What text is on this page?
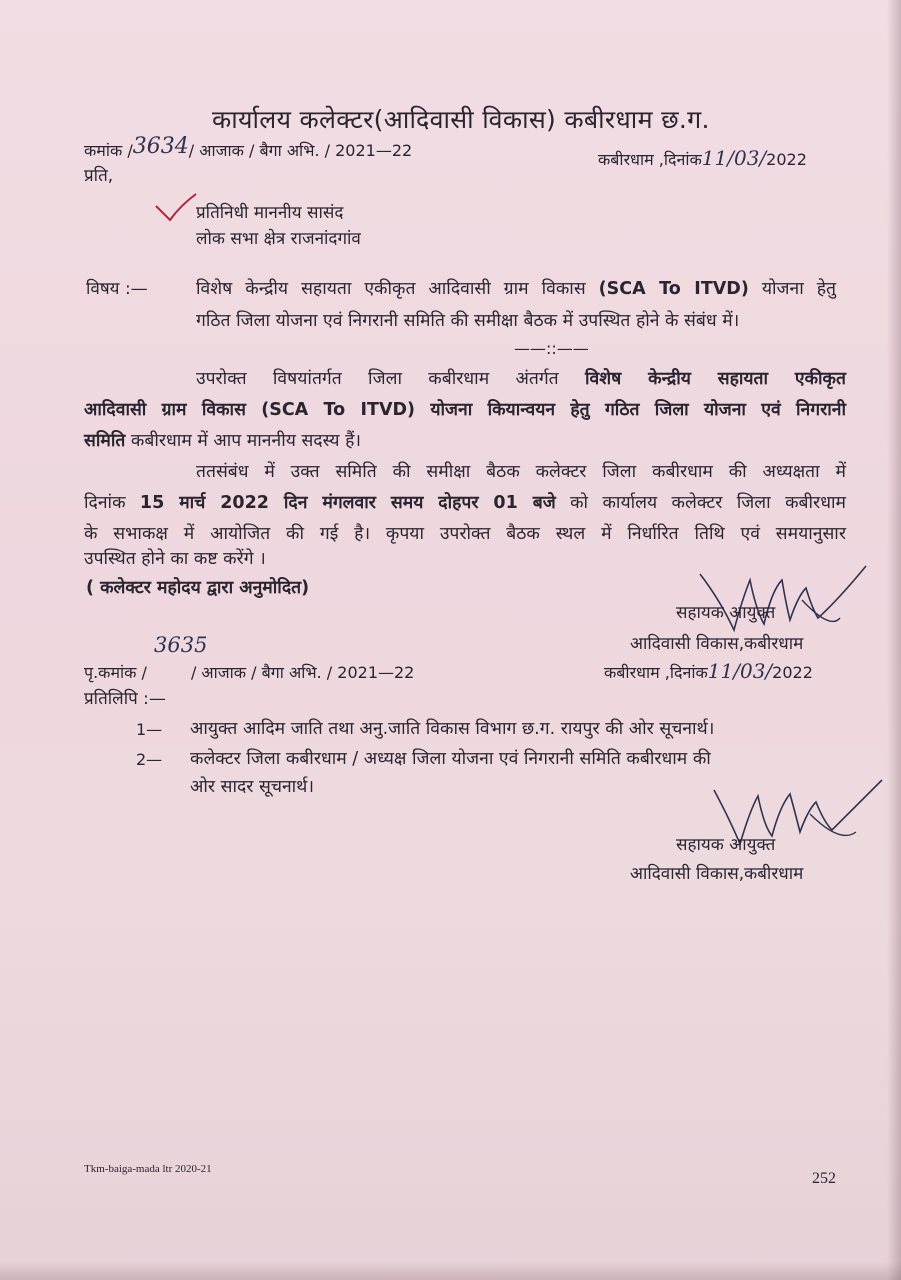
कार्यालय कलेक्टर(आदिवासी विकास) कबीरधाम छ.ग.
कमांक /3634/ आजाक / बैगा अभि. / 2021—22	कबीरधाम ,दिनांक11/03/2022
प्रति,
प्रतिनिधी माननीय सासंद
लोक सभा क्षेत्र राजनांदगांव
विषय :—	विशेष केन्द्रीय सहायता एकीकृत आदिवासी ग्राम विकास (SCA To ITVD) योजना हेतु
गठित जिला योजना एवं निगरानी समिति की समीक्षा बैठक में उपस्थित होने के संबंध में।
——::——
उपरोक्त विषयांतर्गत जिला कबीरधाम अंतर्गत विशेष केन्द्रीय सहायता एकीकृत
आदिवासी ग्राम विकास (SCA To ITVD) योजना कियान्वयन हेतु गठित जिला योजना एवं निगरानी
समिति कबीरधाम में आप माननीय सदस्य हैं।
ततसंबंध में उक्त समिति की समीक्षा बैठक कलेक्टर जिला कबीरधाम की अध्यक्षता में
दिनांक 15 मार्च 2022 दिन मंगलवार समय दोहपर 01 बजे को कार्यालय कलेक्टर जिला कबीरधाम
के सभाकक्ष में आयोजित की गई है। कृपया उपरोक्त बैठक स्थल में निर्धारित तिथि एवं समयानुसार
उपस्थित होने का कष्ट करेंगे ।
( कलेक्टर महोदय द्वारा अनुमोदित)
सहायक आयुक्त
आदिवासी विकास,कबीरधाम
3635
पृ.कमांक /	/ आजाक / बैगा अभि. / 2021—22	कबीरधाम ,दिनांक11/03/2022
प्रतिलिपि :—
1— आयुक्त आदिम जाति तथा अनु.जाति विकास विभाग छ.ग. रायपुर की ओर सूचनार्थ।
2— कलेक्टर जिला कबीरधाम / अध्यक्ष जिला योजना एवं निगरानी समिति कबीरधाम की
ओर सादर सूचनार्थ।
सहायक आयुक्त
आदिवासी विकास,कबीरधाम
Tkm-baiga-mada ltr 2020-21
252
